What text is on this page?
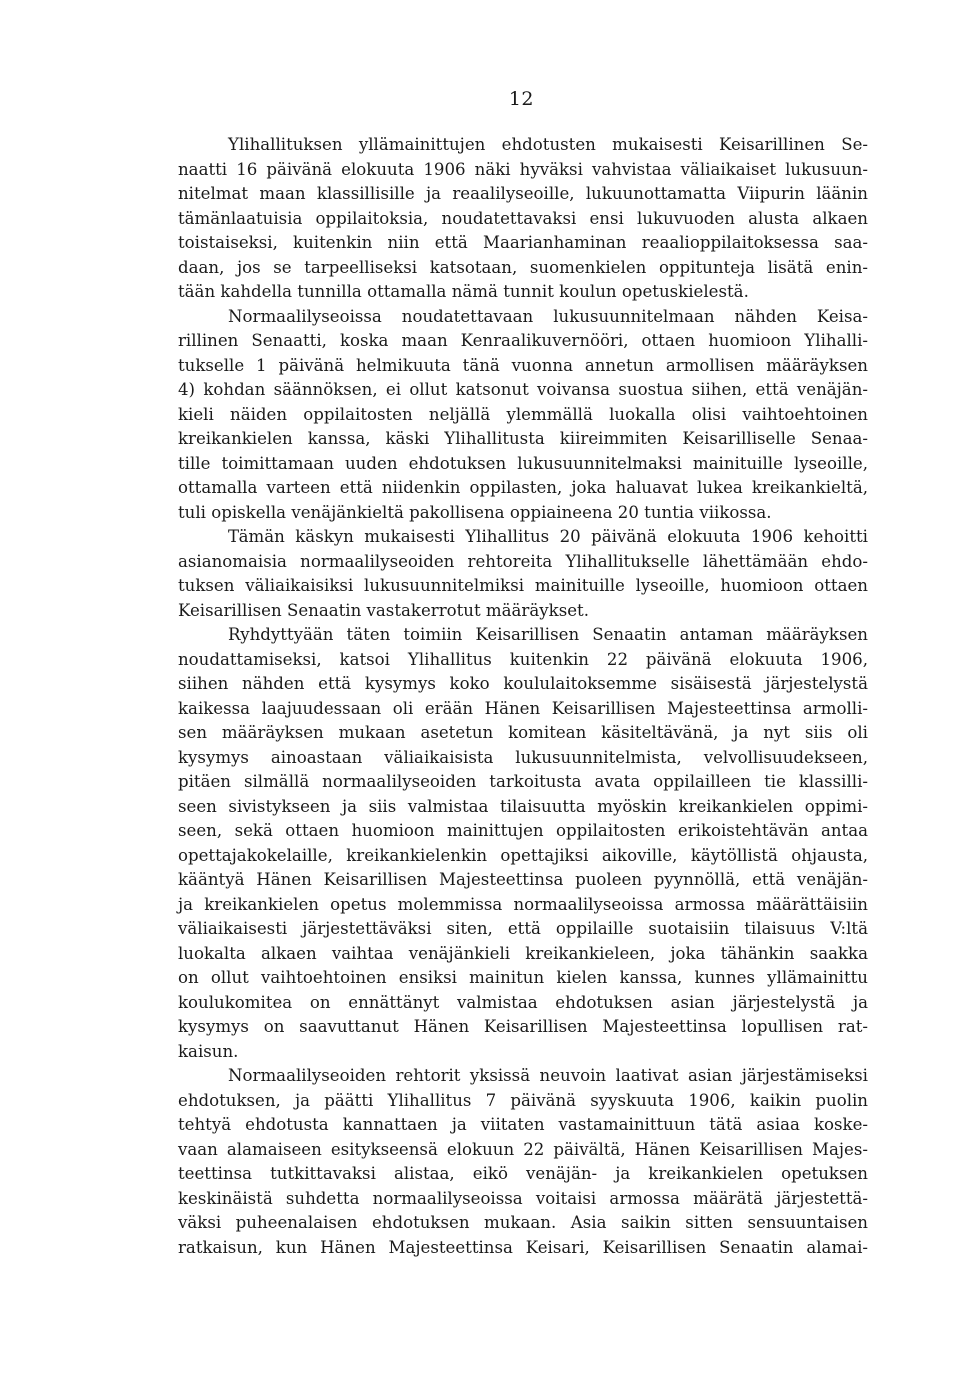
12
Ylihallituksen yllämainittujen ehdotusten mukaisesti Keisarillinen Se-
naatti 16 päivänä elokuuta 1906 näki hyväksi vahvistaa väliaikaiset lukusuun-
nitelmat maan klassillisille ja reaalilyseoille, lukuunottamatta Viipurin läänin
tämänlaatuisia oppilaitoksia, noudatettavaksi ensi lukuvuoden alusta alkaen
toistaiseksi, kuitenkin niin että Maarianhaminan reaalioppilaitoksessa saa-
daan, jos se tarpeelliseksi katsotaan, suomenkielen oppitunteja lisätä enin-
tään kahdella tunnilla ottamalla nämä tunnit koulun opetuskielestä.
Normaalilyseoissa noudatettavaan lukusuunnitelmaan nähden Keisa-
rillinen Senaatti, koska maan Kenraalikuvernööri, ottaen huomioon Ylihalli-
tukselle 1 päivänä helmikuuta tänä vuonna annetun armollisen määräyksen
4) kohdan säännöksen, ei ollut katsonut voivansa suostua siihen, että venäjän-
kieli näiden oppilaitosten neljällä ylemmällä luokalla olisi vaihtoehtoinen
kreikankielen kanssa, käski Ylihallitusta kiireimmiten Keisarilliselle Senaa-
tille toimittamaan uuden ehdotuksen lukusuunnitelmaksi mainituille lyseoille,
ottamalla varteen että niidenkin oppilasten, joka haluavat lukea kreikankieltä,
tuli opiskella venäjänkieltä pakollisena oppiaineena 20 tuntia viikossa.
Tämän käskyn mukaisesti Ylihallitus 20 päivänä elokuuta 1906 kehoitti
asianomaisia normaalilyseoiden rehtoreita Ylihallitukselle lähettämään ehdo-
tuksen väliaikaisiksi lukusuunnitelmiksi mainituille lyseoille, huomioon ottaen
Keisarillisen Senaatin vastakerrotut määräykset.
Ryhdyttyään täten toimiin Keisarillisen Senaatin antaman määräyksen
noudattamiseksi, katsoi Ylihallitus kuitenkin 22 päivänä elokuuta 1906,
siihen nähden että kysymys koko koululaitoksemme sisäisestä järjestelystä
kaikessa laajuudessaan oli erään Hänen Keisarillisen Majesteettinsa armolli-
sen määräyksen mukaan asetetun komitean käsiteltävänä, ja nyt siis oli
kysymys ainoastaan väliaikaisista lukusuunnitelmista, velvollisuudekseen,
pitäen silmällä normaalilyseoiden tarkoitusta avata oppilailleen tie klassilli-
seen sivistykseen ja siis valmistaa tilaisuutta myöskin kreikankielen oppimi-
seen, sekä ottaen huomioon mainittujen oppilaitosten erikoistehtävän antaa
opettajakokelaille, kreikankielenkin opettajiksi aikoville, käytöllistä ohjausta,
kääntyä Hänen Keisarillisen Majesteettinsa puoleen pyynnöllä, että venäjän-
ja kreikankielen opetus molemmissa normaalilyseoissa armossa määrättäisiin
väliaikaisesti järjestettäväksi siten, että oppilaille suotaisiin tilaisuus V:ltä
luokalta alkaen vaihtaa venäjänkieli kreikankieleen, joka tähänkin saakka
on ollut vaihtoehtoinen ensiksi mainitun kielen kanssa, kunnes yllämainittu
koulukomitea on ennättänyt valmistaa ehdotuksen asian järjestelystä ja
kysymys on saavuttanut Hänen Keisarillisen Majesteettinsa lopullisen rat-
kaisun.
Normaalilyseoiden rehtorit yksissä neuvoin laativat asian järjestämiseksi
ehdotuksen, ja päätti Ylihallitus 7 päivänä syyskuuta 1906, kaikin puolin
tehtyä ehdotusta kannattaen ja viitaten vastamainittuun tätä asiaa koske-
vaan alamaiseen esitykseensä elokuun 22 päivältä, Hänen Keisarillisen Majes-
teettinsa tutkittavaksi alistaa, eikö venäjän- ja kreikankielen opetuksen
keskinäistä suhdetta normaalilyseoissa voitaisi armossa määrätä järjestettä-
väksi puheenalaisen ehdotuksen mukaan. Asia saikin sitten sensuuntaisen
ratkaisun, kun Hänen Majesteettinsa Keisari, Keisarillisen Senaatin alamai-
